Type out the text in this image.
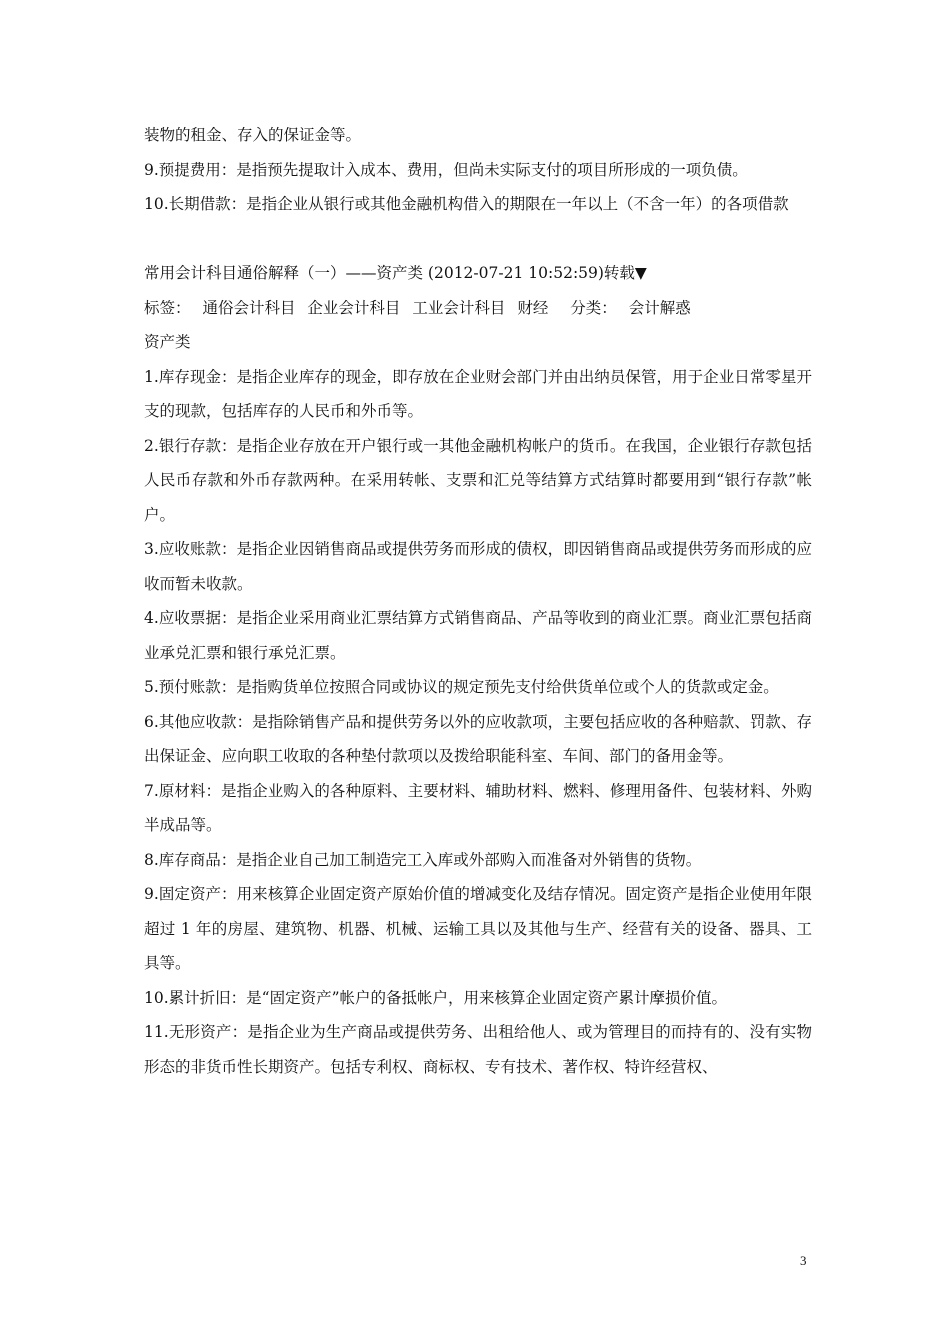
装物的租金、存入的保证金等。

9.预提费用：是指预先提取计入成本、费用，但尚未实际支付的项目所形成的一项负债。

10.长期借款：是指企业从银行或其他金融机构借入的期限在一年以上（不含一年）的各项借款

常用会计科目通俗解释（一）——资产类 (2012-07-21 10:52:59)转载▼

标签： 通俗会计科目 企业会计科目 工业会计科目 财经 分类： 会计解惑

资产类

1.库存现金：是指企业库存的现金，即存放在企业财会部门并由出纳员保管，用于企业日常零星开支的现款，包括库存的人民币和外币等。

2.银行存款：是指企业存放在开户银行或一其他金融机构帐户的货币。在我国，企业银行存款包括人民币存款和外币存款两种。在采用转帐、支票和汇兑等结算方式结算时都要用到“银行存款”帐户。

3.应收账款：是指企业因销售商品或提供劳务而形成的债权，即因销售商品或提供劳务而形成的应收而暂未收款。

4.应收票据：是指企业采用商业汇票结算方式销售商品、产品等收到的商业汇票。商业汇票包括商业承兑汇票和银行承兑汇票。

5.预付账款：是指购货单位按照合同或协议的规定预先支付给供货单位或个人的货款或定金。

6.其他应收款：是指除销售产品和提供劳务以外的应收款项，主要包括应收的各种赔款、罚款、存出保证金、应向职工收取的各种垫付款项以及拨给职能科室、车间、部门的备用金等。

7.原材料：是指企业购入的各种原料、主要材料、辅助材料、燃料、修理用备件、包装材料、外购半成品等。

8.库存商品：是指企业自己加工制造完工入库或外部购入而准备对外销售的货物。

9.固定资产：用来核算企业固定资产原始价值的增减变化及结存情况。固定资产是指企业使用年限超过 1 年的房屋、建筑物、机器、机械、运输工具以及其他与生产、经营有关的设备、器具、工具等。

10.累计折旧：是“固定资产”帐户的备抵帐户，用来核算企业固定资产累计摩损价值。

11.无形资产：是指企业为生产商品或提供劳务、出租给他人、或为管理目的而持有的、没有实物形态的非货币性长期资产。包括专利权、商标权、专有技术、著作权、特许经营权、

3
